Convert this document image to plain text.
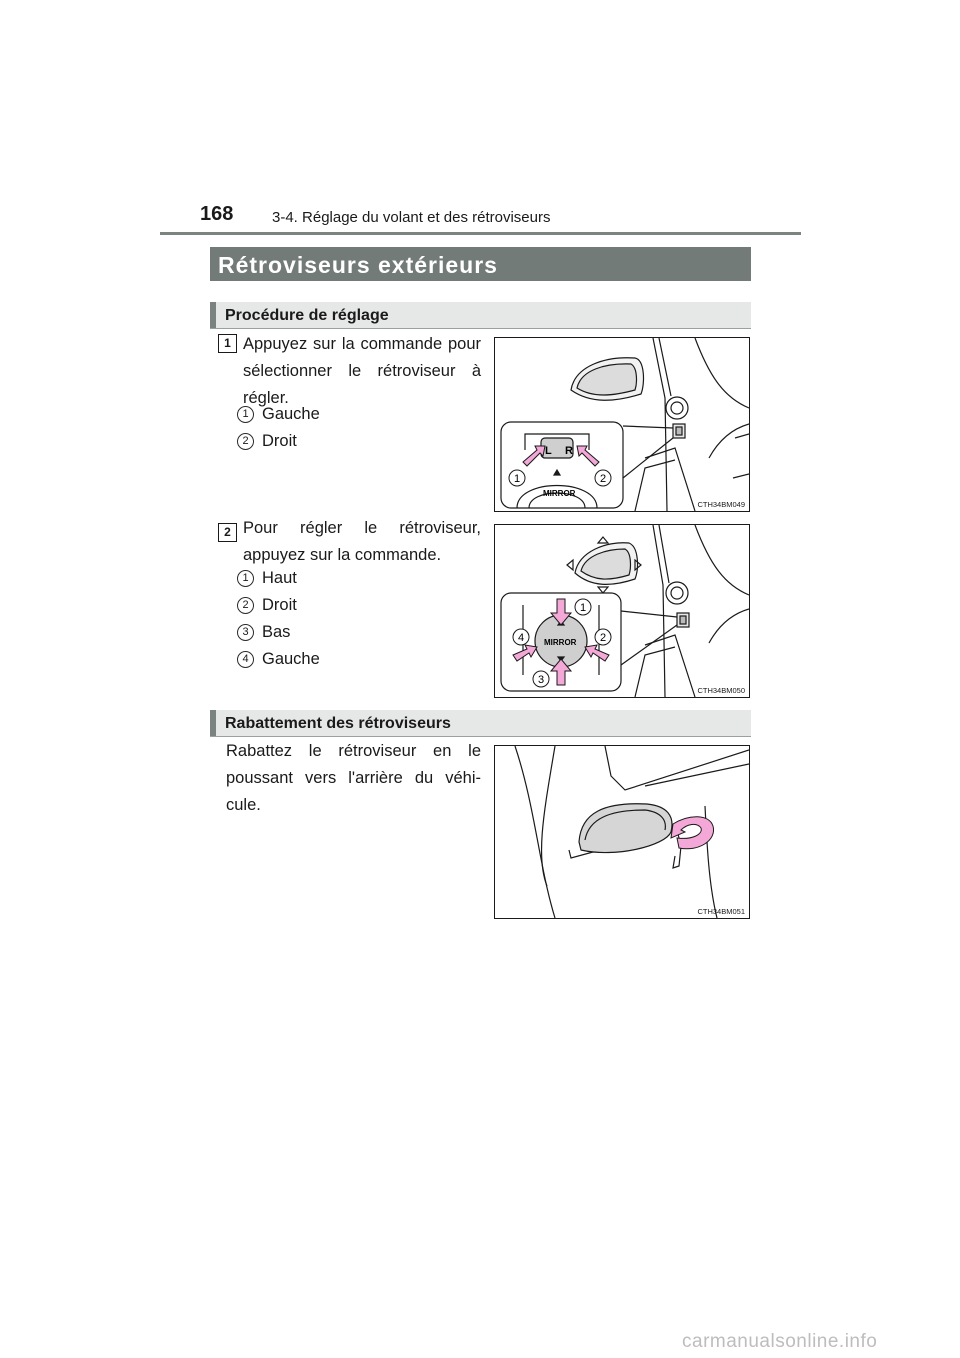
168	3-4. Réglage du volant et des rétroviseurs
Rétroviseurs extérieurs
Procédure de réglage
1 Appuyez sur la commande pour sélectionner le rétroviseur à régler.
1 Gauche
2 Droit
L R
MIRROR
1	2
CTH34BM049
2 Pour régler le rétroviseur, appuyez sur la commande.
1 Haut
2 Droit
3 Bas
4 Gauche
MIRROR
1
2
3
4
CTH34BM050
Rabattement des rétroviseurs
Rabattez le rétroviseur en le poussant vers l'arrière du véhi-cule.
CTH34BM051
carmanualsonline.info
